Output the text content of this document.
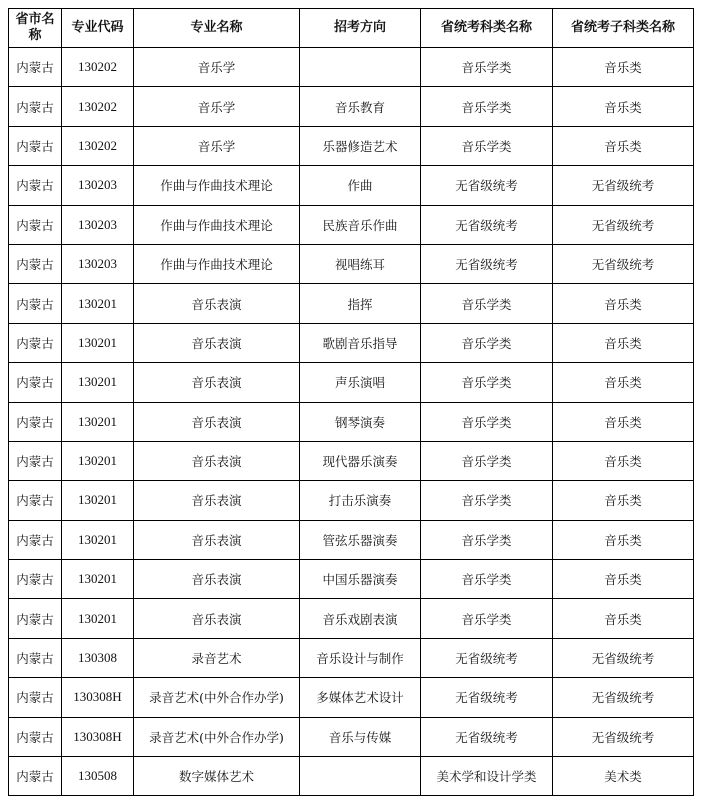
省市名称	专业代码	专业名称	招考方向	省统考科类名称	省统考子科类名称
内蒙古	130202	音乐学		音乐学类	音乐类
内蒙古	130202	音乐学	音乐教育	音乐学类	音乐类
内蒙古	130202	音乐学	乐器修造艺术	音乐学类	音乐类
内蒙古	130203	作曲与作曲技术理论	作曲	无省级统考	无省级统考
内蒙古	130203	作曲与作曲技术理论	民族音乐作曲	无省级统考	无省级统考
内蒙古	130203	作曲与作曲技术理论	视唱练耳	无省级统考	无省级统考
内蒙古	130201	音乐表演	指挥	音乐学类	音乐类
内蒙古	130201	音乐表演	歌剧音乐指导	音乐学类	音乐类
内蒙古	130201	音乐表演	声乐演唱	音乐学类	音乐类
内蒙古	130201	音乐表演	钢琴演奏	音乐学类	音乐类
内蒙古	130201	音乐表演	现代器乐演奏	音乐学类	音乐类
内蒙古	130201	音乐表演	打击乐演奏	音乐学类	音乐类
内蒙古	130201	音乐表演	管弦乐器演奏	音乐学类	音乐类
内蒙古	130201	音乐表演	中国乐器演奏	音乐学类	音乐类
内蒙古	130201	音乐表演	音乐戏剧表演	音乐学类	音乐类
内蒙古	130308	录音艺术	音乐设计与制作	无省级统考	无省级统考
内蒙古	130308H	录音艺术(中外合作办学)	多媒体艺术设计	无省级统考	无省级统考
内蒙古	130308H	录音艺术(中外合作办学)	音乐与传媒	无省级统考	无省级统考
内蒙古	130508	数字媒体艺术		美术学和设计学类	美术类
